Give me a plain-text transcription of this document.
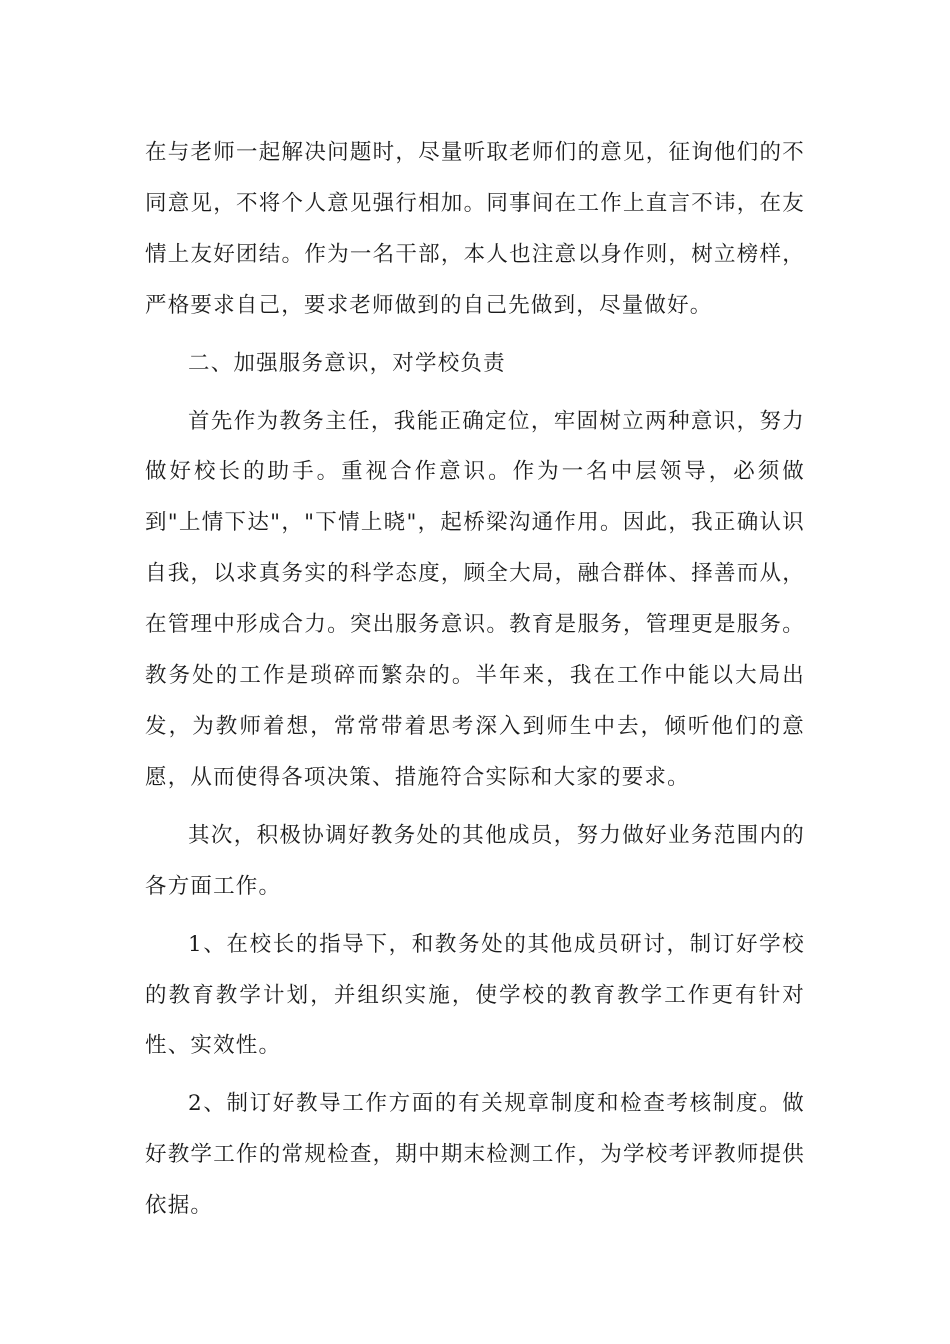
在与老师一起解决问题时，尽量听取老师们的意见，征询他们的不同意见，不将个人意见强行相加。同事间在工作上直言不讳，在友情上友好团结。作为一名干部，本人也注意以身作则，树立榜样，严格要求自己，要求老师做到的自己先做到，尽量做好。

二、加强服务意识，对学校负责

首先作为教务主任，我能正确定位，牢固树立两种意识，努力做好校长的助手。重视合作意识。作为一名中层领导，必须做到"上情下达"，"下情上晓"，起桥梁沟通作用。因此，我正确认识自我，以求真务实的科学态度，顾全大局，融合群体、择善而从，在管理中形成合力。突出服务意识。教育是服务，管理更是服务。教务处的工作是琐碎而繁杂的。半年来，我在工作中能以大局出发，为教师着想，常常带着思考深入到师生中去，倾听他们的意愿，从而使得各项决策、措施符合实际和大家的要求。

其次，积极协调好教务处的其他成员，努力做好业务范围内的各方面工作。

1、在校长的指导下，和教务处的其他成员研讨，制订好学校的教育教学计划，并组织实施，使学校的教育教学工作更有针对性、实效性。

2、制订好教导工作方面的有关规章制度和检查考核制度。做好教学工作的常规检查，期中期末检测工作，为学校考评教师提供依据。
